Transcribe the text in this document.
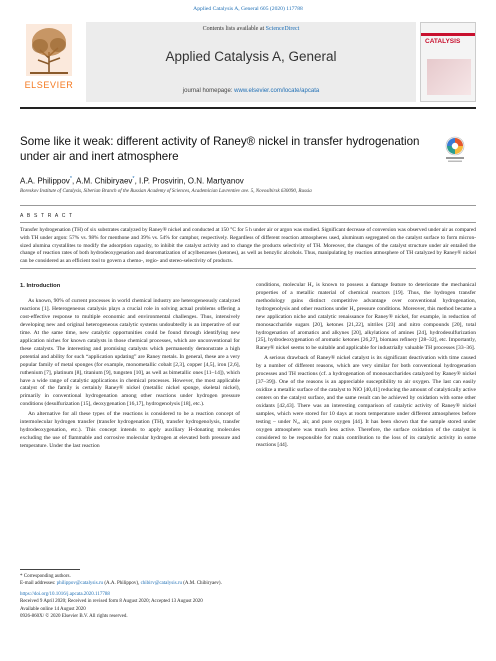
Applied Catalysis A, General 605 (2020) 117788
ELSEVIER
Contents lists available at ScienceDirect
Applied Catalysis A, General
journal homepage: www.elsevier.com/locate/apcata
CATALYSIS
Some like it weak: different activity of Raney® nickel in transfer hydrogenation under air and inert atmosphere
A.A. Philippov*, A.M. Chibiryaev*, I.P. Prosvirin, O.N. Martyanov
Boreskov Institute of Catalysis, Siberian Branch of the Russian Academy of Sciences, Academician Lavrentiev ave. 5, Novosibirsk 630090, Russia
A B S T R A C T
Transfer hydrogenation (TH) of six substrates catalyzed by Raney® nickel and conducted at 150 °C for 5 h under air or argon was studied. Significant decrease of conversion was observed under air as compared with TH under argon: 57% vs. 98% for menthone and 39% vs. 54% for camphor, respectively. Regardless of different reaction atmospheres used, aluminum segregated on the catalyst surface to form micron-sized alumina crystallites to modify the adsorption capacity, to inhibit the catalyst activity and to change the products selectivity of TH. Moreover, the changes of the catalyst structure under air entailed the change of reaction rates of both hydrodeoxygenation and dearomatization of acylbenzenes (ketones), as well as benzylic alcohols. Thus, manipulating by reaction atmosphere of TH catalyzed by Raney® nickel can be considered as an efficient tool to govern a chemo-, regio- and stereo-selectivity of products.
1. Introduction

As known, 90% of current processes in world chemical industry are heterogeneously catalyzed reactions [1]. Heterogeneous catalysis plays a crucial role in solving actual problems offering a cost-effective response to multiple economic and environmental challenges. Thus, intensively developing new and original heterogeneous catalytic systems undoubtedly is an imperative of our time. At the same time, new catalytic opportunities could be found through identifying new application niches for known catalysts in those chemical processes, which are unconventional for these catalysts. The interesting and promising catalysts which permanently demonstrate a high potential and ability for such “application updating” are Raney metals. In general, these are a very popular family of metal sponges (for example, monometallic cobalt [2,3], copper [4,5], iron [2,6], ruthenium [7], platinum [8], titanium [9], tungsten [10], as well as bimetallic ones [11–14]), which have a wide range of catalytic applications in chemical processes. However, the most applicable catalyst of the family is certainly Raney® nickel (metallic nickel sponge, skeletal nickel), primarily in conventional hydrogenation among other reactions under hydrogen pressure conditions (desulfurization [15], deoxygenation [16,17], hydrogenolysis [18], etc.).

An alternative for all these types of the reactions is considered to be a reaction concept of intermolecular hydrogen transfer (transfer hydrogenation (TH), transfer hydrogenolysis, transfer hydrodeoxygenation, etc.). This concept intends to apply auxiliary H-donating molecules excluding the use of flammable and corrosive molecular hydrogen at elevated both pressure and temperature. Under the last reaction

conditions, molecular H₂ is known to possess a damage feature to deteriorate the mechanical properties of a metallic material of chemical reactors [19]. Thus, the hydrogen transfer methodology gains distinct competitive advantage over conventional hydrogenation, hydrogenolysis and other reactions under H₂ pressure conditions. Moreover, this method became a new application niche and catalytic renaissance for Raney® nickel, for example, in reduction of monosaccharide sugars [20], ketones [21,22], nitriles [23] and nitro compounds [20], total hydrogenation of aromatics and alkynes [20], alkylations of amines [24], hydrodesulfurization [25], hydrodeoxygenation of aromatic ketones [26,27], biomass refinery [28–32], etc. Importantly, Raney® nickel seems to be suitable and applicable for industrially valuable TH processes [33–36].

A serious drawback of Raney® nickel catalyst is its significant deactivation with time caused by a number of different reasons, which are very similar for both conventional hydrogenation processes and TH reactions (cf. a hydrogenation of monosaccharides catalyzed by Raney® nickel [37–39]). One of the reasons is an appreciable susceptibility to air oxygen. The last can easily oxidize a metallic surface of the catalyst to NiO [40,41] reducing the amount of catalytically active centers on the catalyst surface, and the same result can be achieved by oxidation with some other oxidants [42,43]. There was an interesting comparison of catalytic activity of Raney® nickel samples, which were stored for 10 days at room temperature under different atmospheres before testing – under N₂, air, and pure oxygen [44]. It has been shown that the sample stored under oxygen atmosphere was much less active. Therefore, the surface oxidation of the catalyst is considered to be responsible for main contribution to the loss of its catalytic activity in some reactions [44].

* Corresponding authors.
E-mail addresses: philippov@catalysis.ru (A.A. Philippov), chibirv@catalysis.ru (A.M. Chibiryaev).
https://doi.org/10.1016/j.apcata.2020.117788
Received 9 April 2020; Received in revised form 8 August 2020; Accepted 13 August 2020
Available online 14 August 2020
0926-860X/ © 2020 Elsevier B.V. All rights reserved.
